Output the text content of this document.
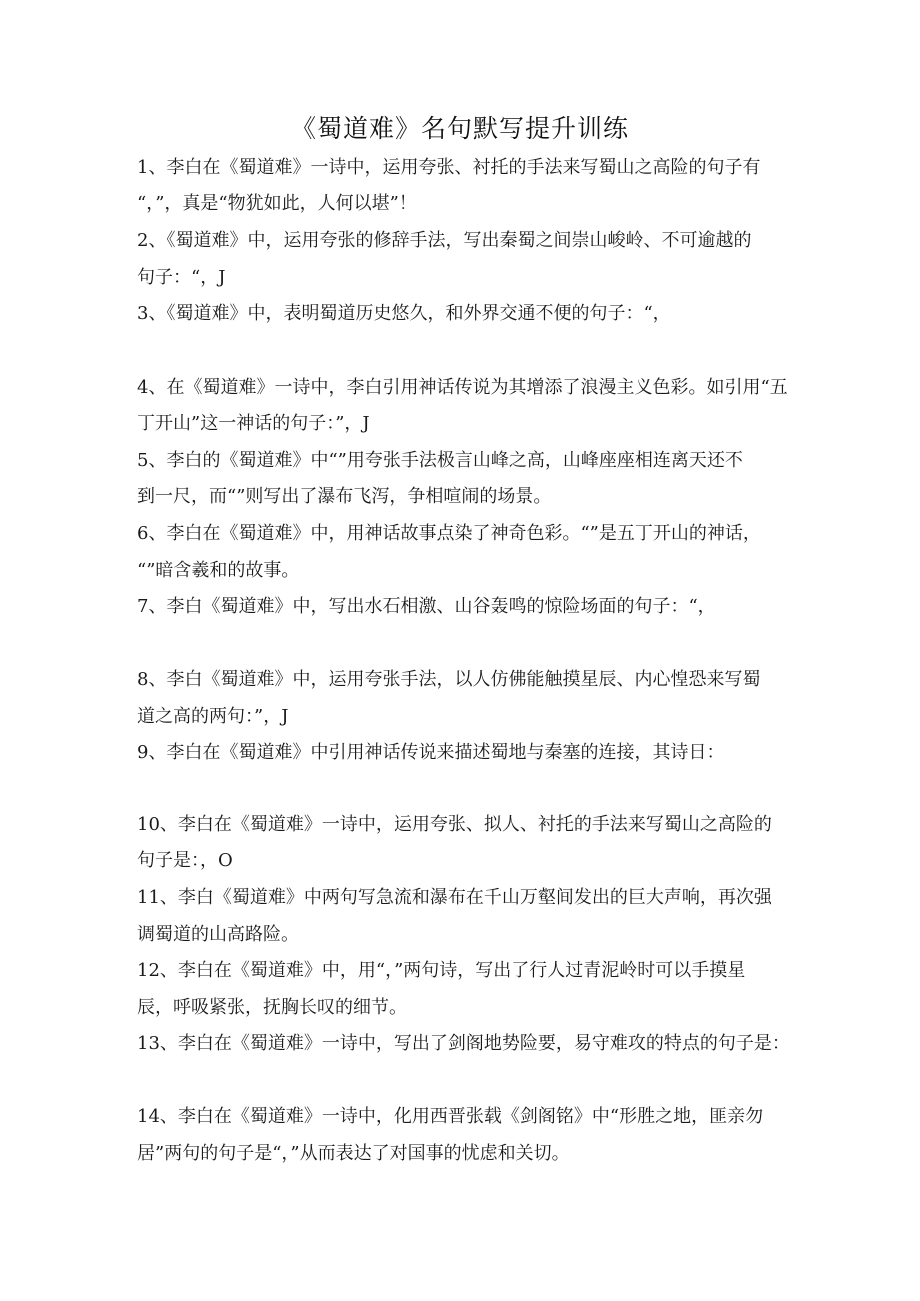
《蜀道难》名句默写提升训练
1、李白在《蜀道难》一诗中，运用夸张、衬托的手法来写蜀山之高险的句子有
“，”，真是“物犹如此，人何以堪”！
2、《蜀道难》中，运用夸张的修辞手法，写出秦蜀之间崇山峻岭、不可逾越的
句子：“，J
3、《蜀道难》中，表明蜀道历史悠久，和外界交通不便的句子：“，
4、在《蜀道难》一诗中，李白引用神话传说为其增添了浪漫主义色彩。如引用“五
丁开山”这一神话的句子：”，J
5、李白的《蜀道难》中“”用夸张手法极言山峰之高，山峰座座相连离天还不
到一尺，而“”则写出了瀑布飞泻，争相喧闹的场景。
6、李白在《蜀道难》中，用神话故事点染了神奇色彩。“”是五丁开山的神话，
“”暗含羲和的故事。
7、李白《蜀道难》中，写出水石相激、山谷轰鸣的惊险场面的句子：“，
8、李白《蜀道难》中，运用夸张手法，以人仿佛能触摸星辰、内心惶恐来写蜀
道之高的两句：”，J
9、李白在《蜀道难》中引用神话传说来描述蜀地与秦塞的连接，其诗日：
10、李白在《蜀道难》一诗中，运用夸张、拟人、衬托的手法来写蜀山之高险的
句子是：，O
11、李白《蜀道难》中两句写急流和瀑布在千山万壑间发出的巨大声响，再次强
调蜀道的山高路险。
12、李白在《蜀道难》中，用“，”两句诗，写出了行人过青泥岭时可以手摸星
辰，呼吸紧张，抚胸长叹的细节。
13、李白在《蜀道难》一诗中，写出了剑阁地势险要，易守难攻的特点的句子是：
14、李白在《蜀道难》一诗中，化用西晋张载《剑阁铭》中“形胜之地，匪亲勿
居”两句的句子是“，”从而表达了对国事的忧虑和关切。
